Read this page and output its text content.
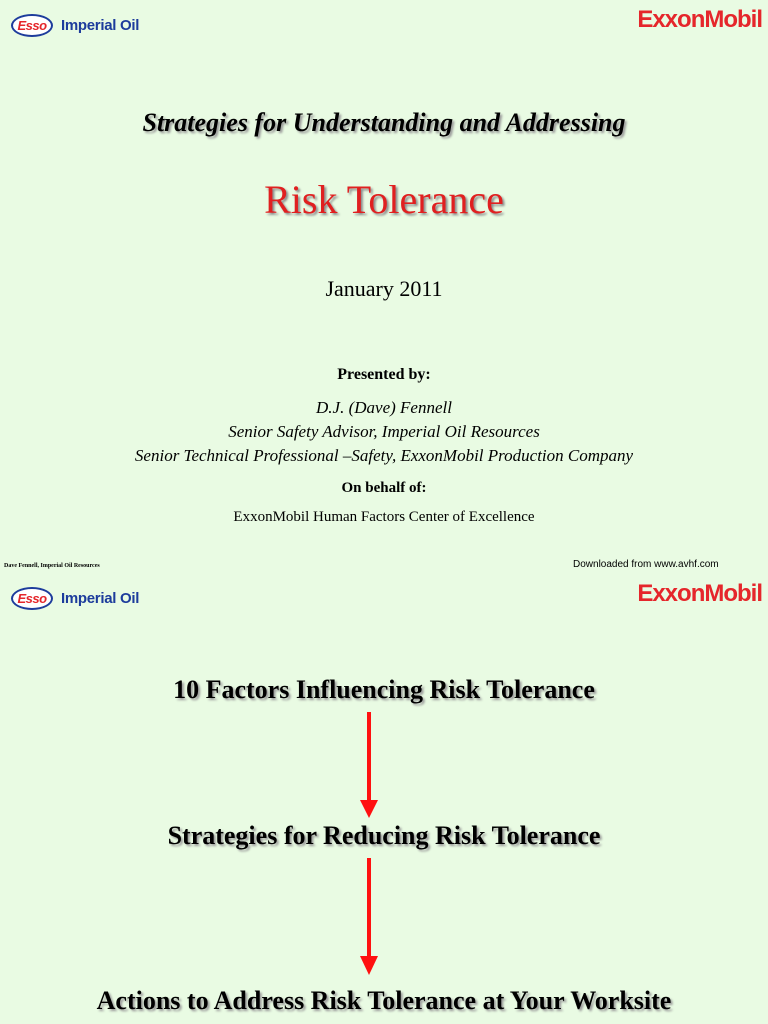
Esso Imperial Oil	ExxonMobil
Strategies for Understanding and Addressing
Risk Tolerance
January 2011
Presented by:
D.J. (Dave) Fennell
Senior Safety Advisor, Imperial Oil Resources
Senior Technical Professional –Safety, ExxonMobil Production Company
On behalf of:
ExxonMobil Human Factors Center of Excellence
Dave Fennell, Imperial Oil Resources	Downloaded from www.avhf.com
Esso Imperial Oil	ExxonMobil
10 Factors Influencing Risk Tolerance
Strategies for Reducing Risk Tolerance
Actions to Address Risk Tolerance at Your Worksite
